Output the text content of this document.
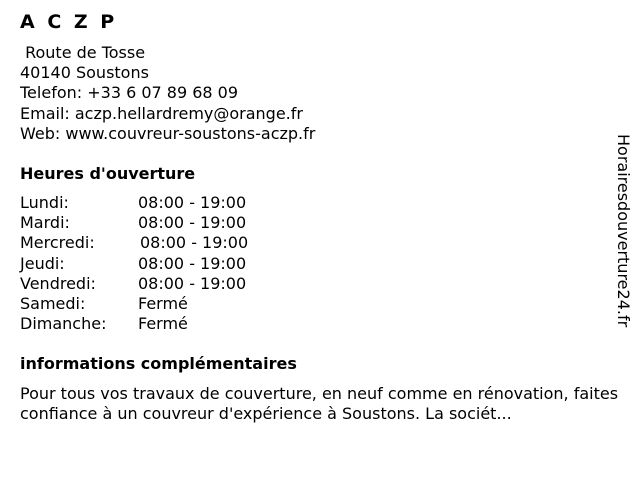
A C Z P
Route de Tosse
40140 Soustons
Telefon: +33 6 07 89 68 09
Email: aczp.hellardremy@orange.fr
Web: www.couvreur-soustons-aczp.fr
Heures d'ouverture
Lundi:	08:00 - 19:00
Mardi:	08:00 - 19:00
Mercredi:	08:00 - 19:00
Jeudi:	08:00 - 19:00
Vendredi:	08:00 - 19:00
Samedi:	Fermé
Dimanche: Fermé
informations complémentaires
Pour tous vos travaux de couverture, en neuf comme en rénovation, faites confiance à un couvreur d'expérience à Soustons. La sociét...
Horairesdouverture24.fr
